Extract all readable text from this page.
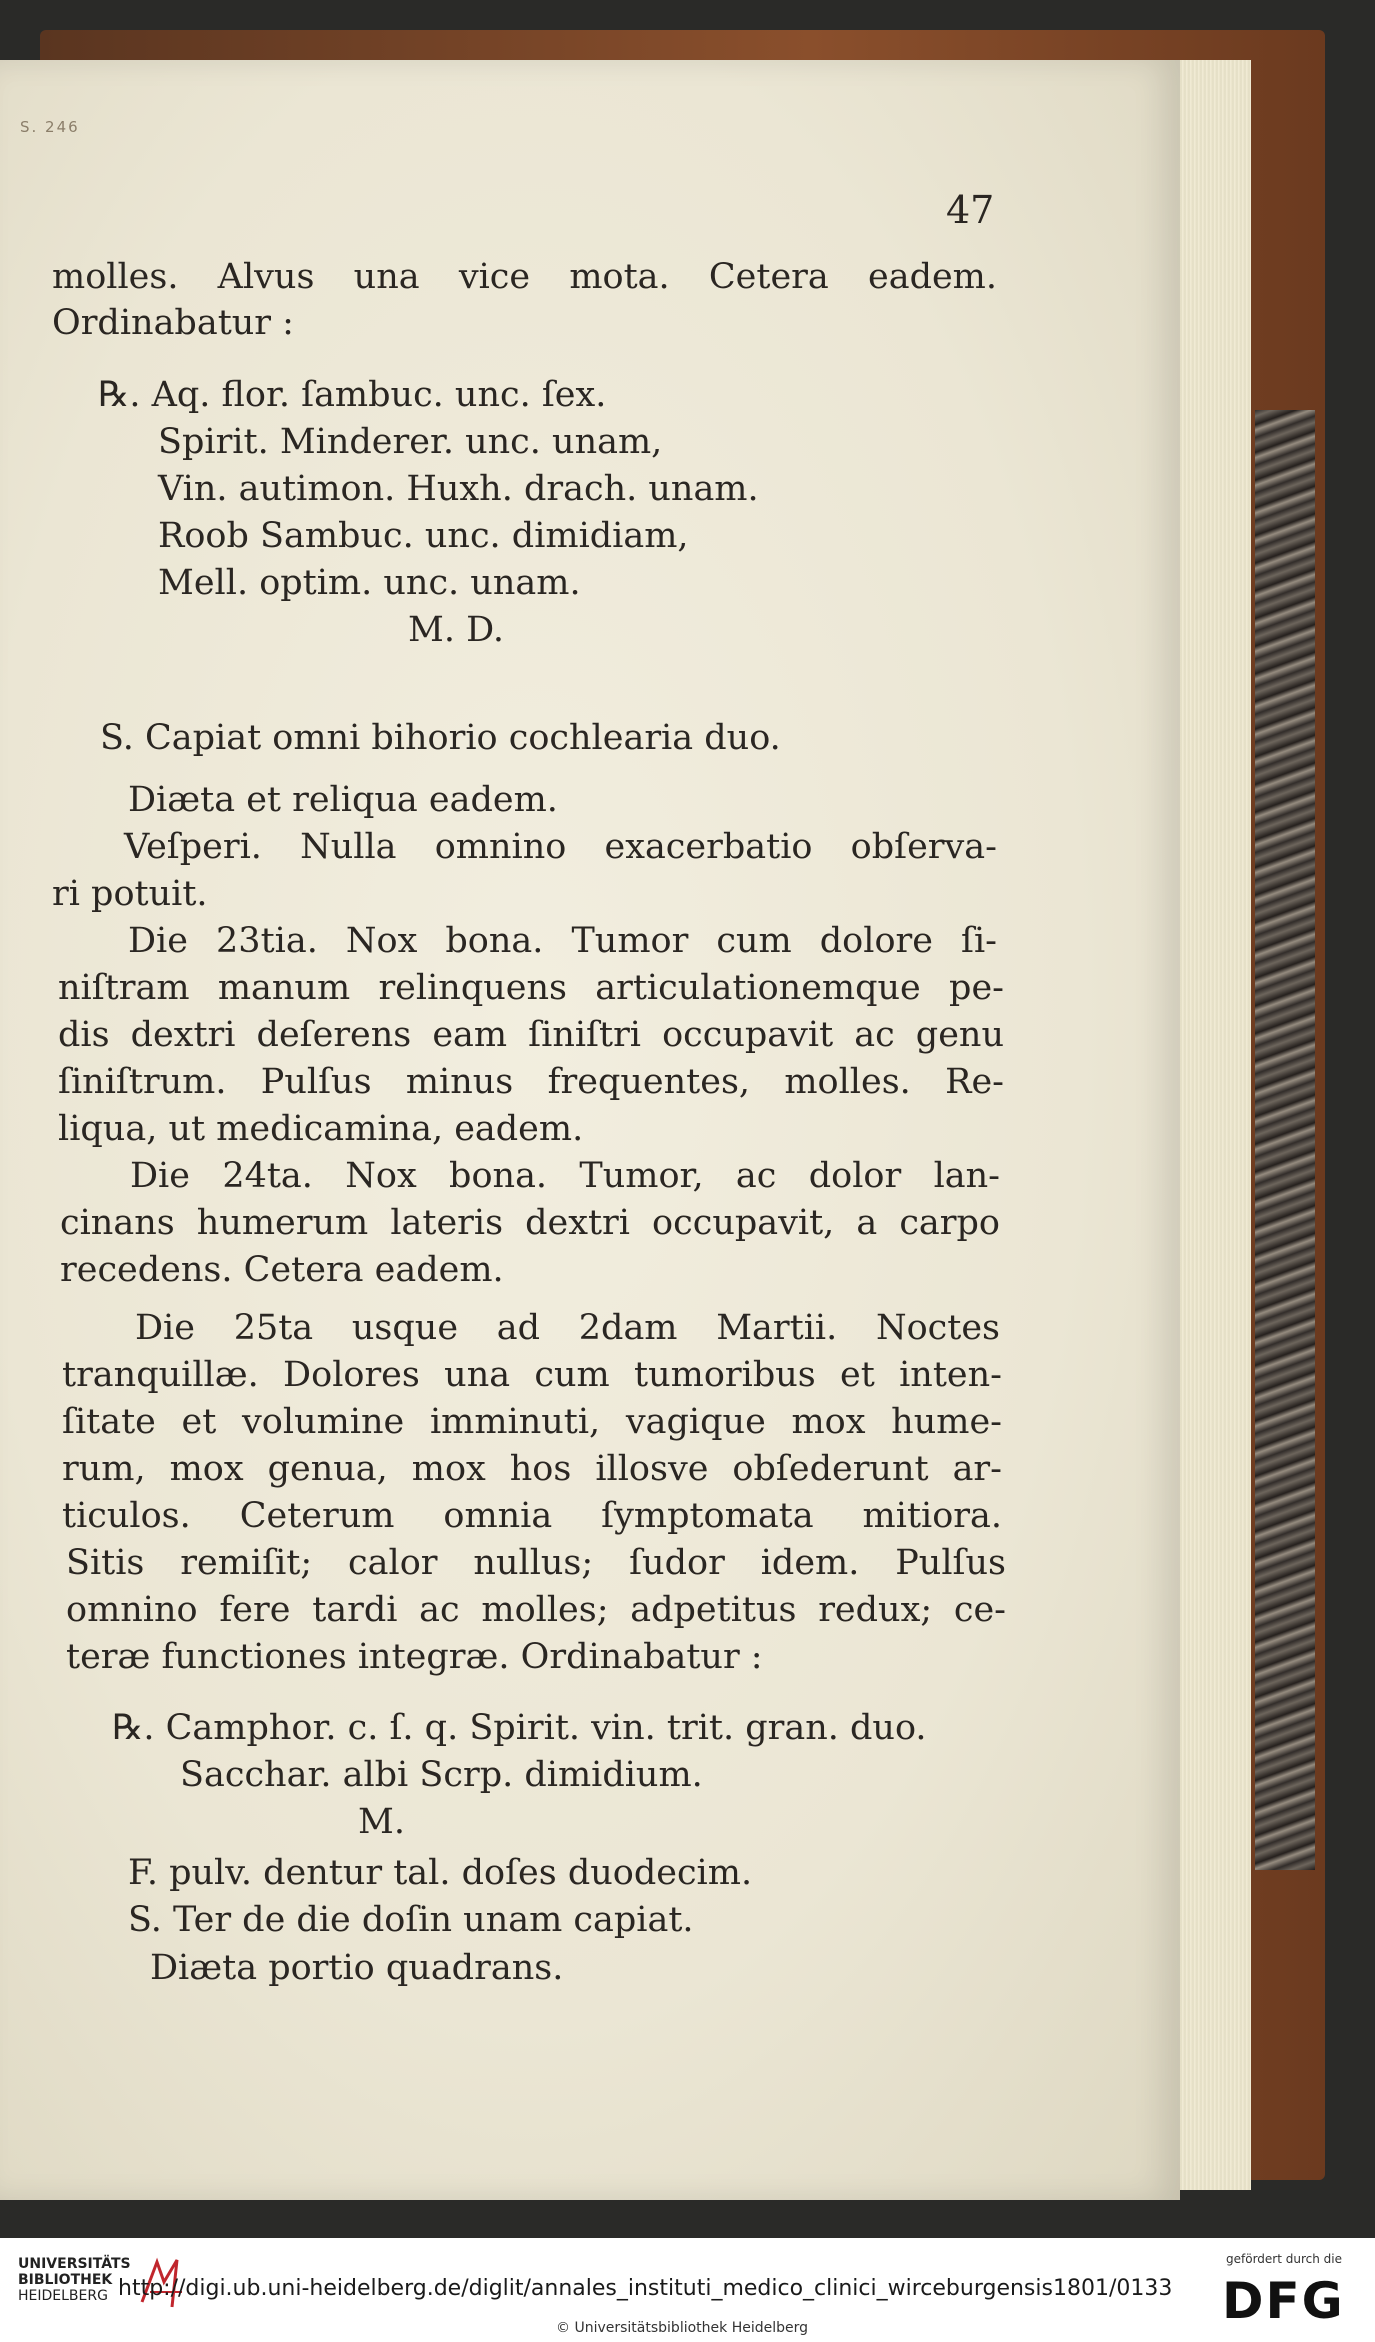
S. 246
47
molles. Alvus una vice mota. Cetera eadem.
Ordinabatur :
℞. Aq. flor. ſambuc. unc. ſex.
Spirit. Minderer. unc. unam,
Vin. autimon. Huxh. drach. unam.
Roob Sambuc. unc. dimidiam,
Mell. optim. unc. unam.
M. D.
S. Capiat omni bihorio cochlearia duo.
Diæta et reliqua eadem.
Veſperi. Nulla omnino exacerbatio obſerva-
ri potuit.
Die 23tia. Nox bona. Tumor cum dolore ſi-
niſtram manum relinquens articulationemque pe-
dis dextri deſerens eam ſiniſtri occupavit ac genu
ſiniſtrum. Pulſus minus frequentes, molles. Re-
liqua, ut medicamina, eadem.
Die 24ta. Nox bona. Tumor, ac dolor lan-
cinans humerum lateris dextri occupavit, a carpo
recedens. Cetera eadem.
Die 25ta usque ad 2dam Martii. Noctes
tranquillæ. Dolores una cum tumoribus et inten-
ſitate et volumine imminuti, vagique mox hume-
rum, mox genua, mox hos illosve obſederunt ar-
ticulos. Ceterum omnia ſymptomata mitiora.
Sitis remiſit; calor nullus; ſudor idem. Pulſus
omnino fere tardi ac molles; adpetitus redux; ce-
teræ functiones integræ. Ordinabatur :
℞. Camphor. c. ſ. q. Spirit. vin. trit. gran. duo.
Sacchar. albi Scrp. dimidium.
M.
F. pulv. dentur tal. doſes duodecim.
S. Ter de die doſin unam capiat.
Diæta portio quadrans.
UNIVERSITÄTS
BIBLIOTHEK
HEIDELBERG http://digi.ub.uni-heidelberg.de/diglit/annales_instituti_medico_clinici_wirceburgensis1801/0133
© Universitätsbibliothek Heidelberg
gefördert durch die
DFG
